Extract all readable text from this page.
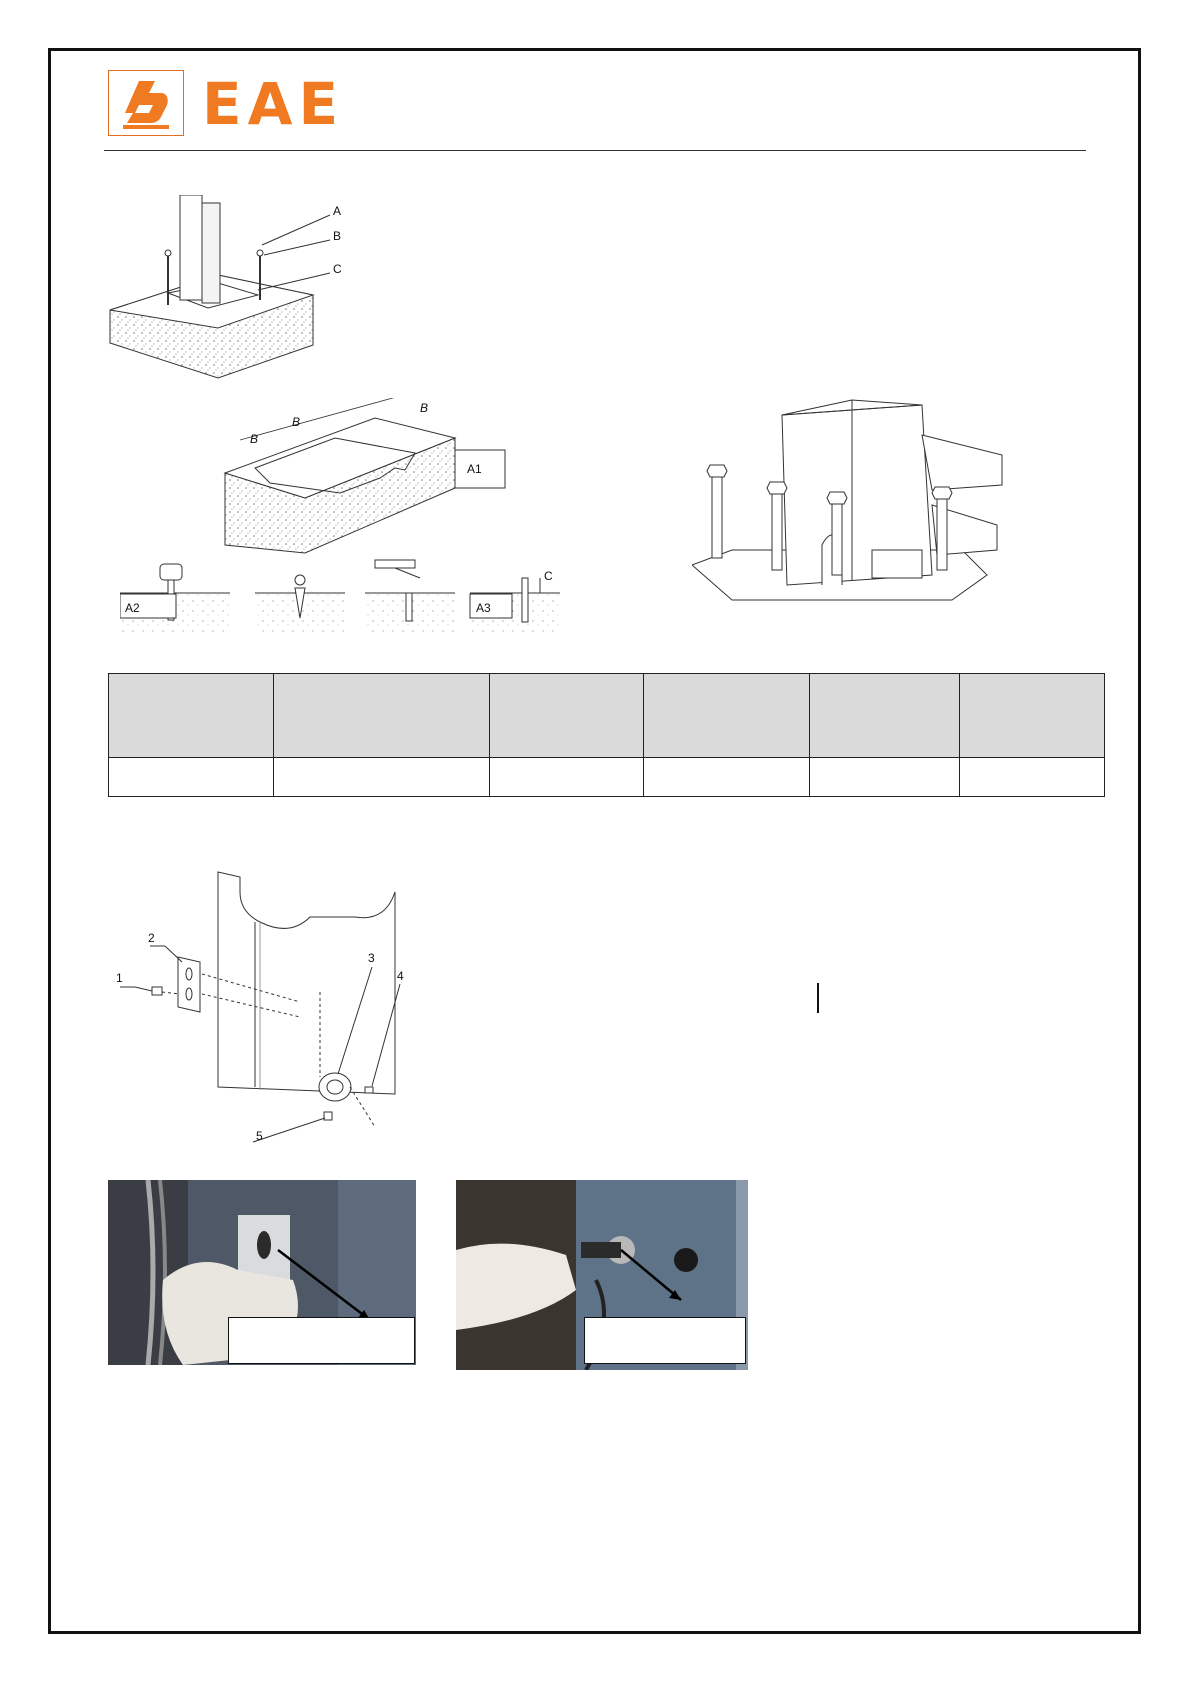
EAE
A
B
C
B
B
B
A1
A2	A3
C

2
1
3
4
5
